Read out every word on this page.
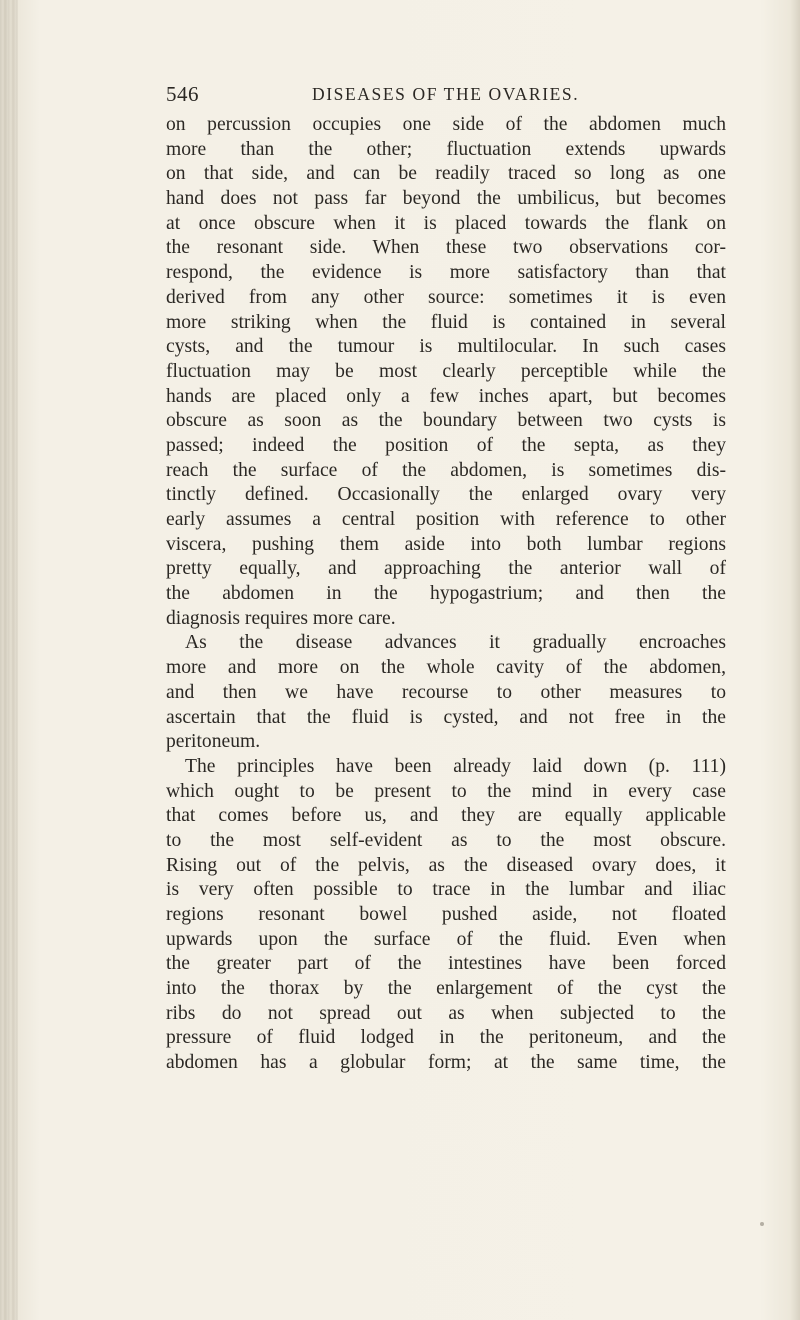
546	DISEASES OF THE OVARIES.
on percussion occupies one side of the abdomen much
more than the other; fluctuation extends upwards
on that side, and can be readily traced so long as one
hand does not pass far beyond the umbilicus, but becomes
at once obscure when it is placed towards the flank on
the resonant side. When these two observations cor-
respond, the evidence is more satisfactory than that
derived from any other source: sometimes it is even
more striking when the fluid is contained in several
cysts, and the tumour is multilocular. In such cases
fluctuation may be most clearly perceptible while the
hands are placed only a few inches apart, but becomes
obscure as soon as the boundary between two cysts is
passed; indeed the position of the septa, as they
reach the surface of the abdomen, is sometimes dis-
tinctly defined. Occasionally the enlarged ovary very
early assumes a central position with reference to other
viscera, pushing them aside into both lumbar regions
pretty equally, and approaching the anterior wall of
the abdomen in the hypogastrium; and then the
diagnosis requires more care.
As the disease advances it gradually encroaches
more and more on the whole cavity of the abdomen,
and then we have recourse to other measures to
ascertain that the fluid is cysted, and not free in the
peritoneum.
The principles have been already laid down (p. 111)
which ought to be present to the mind in every case
that comes before us, and they are equally applicable
to the most self-evident as to the most obscure.
Rising out of the pelvis, as the diseased ovary does, it
is very often possible to trace in the lumbar and iliac
regions resonant bowel pushed aside, not floated
upwards upon the surface of the fluid. Even when
the greater part of the intestines have been forced
into the thorax by the enlargement of the cyst the
ribs do not spread out as when subjected to the
pressure of fluid lodged in the peritoneum, and the
abdomen has a globular form; at the same time, the
